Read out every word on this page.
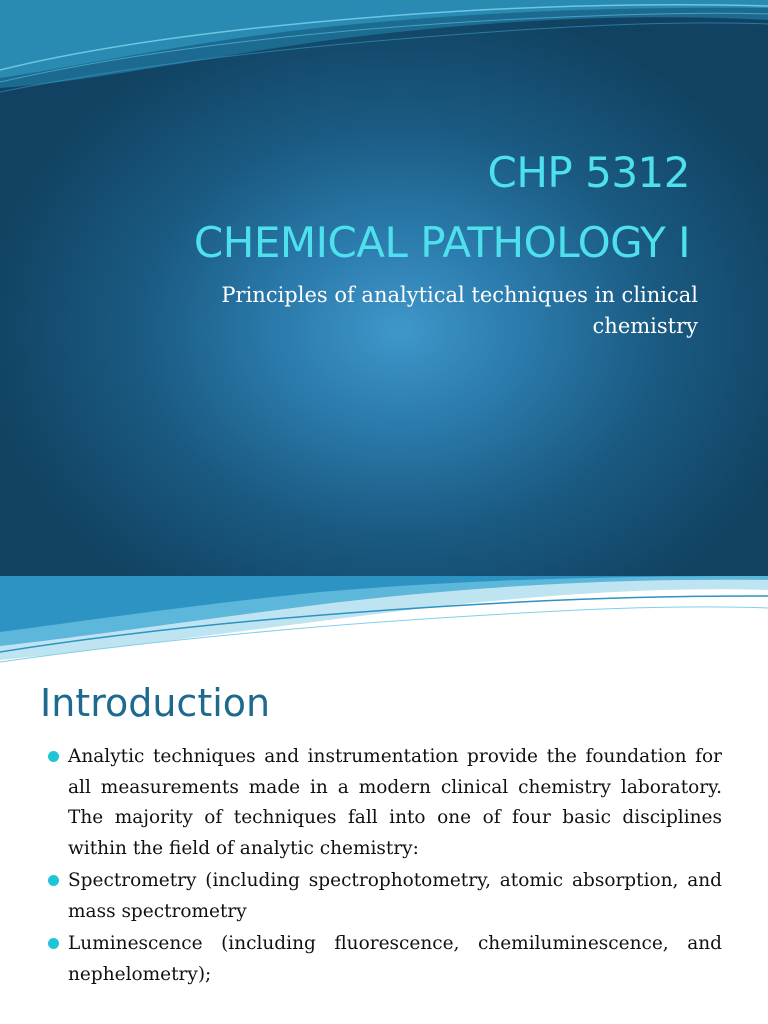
CHP 5312
CHEMICAL PATHOLOGY I
Principles of analytical techniques in clinical chemistry
Introduction
Analytic techniques and instrumentation provide the foundation for all measurements made in a modern clinical chemistry laboratory. The majority of techniques fall into one of four basic disciplines within the field of analytic chemistry:
Spectrometry (including spectrophotometry, atomic absorption, and mass spectrometry
Luminescence (including fluorescence, chemiluminescence, and nephelometry);
